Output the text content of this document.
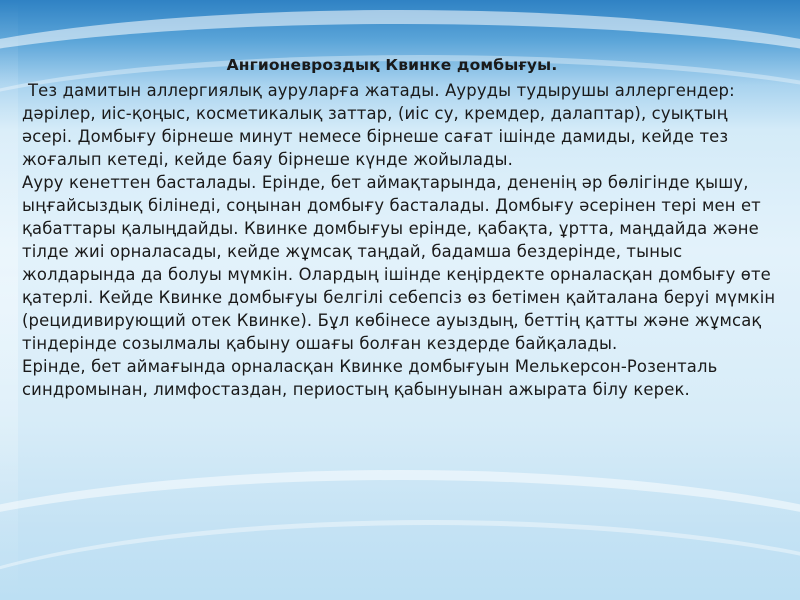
Ангионевроздық Квинке домбығуы.

Тез дамитын аллергиялық ауруларға жатады. Ауруды тудырушы аллергендер: дәрілер, иіс-қоңыс, косметикалық заттар, (иіс су, кремдер, далаптар), суықтың әсері. Домбығу бірнеше минут немесе бірнеше сағат ішінде дамиды, кейде тез жоғалып кетеді, кейде баяу бірнеше күнде жойылады.

Ауру кенеттен басталады. Ерінде, бет аймақтарында, дененің әр бөлігінде қышу, ыңғайсыздық білінеді, соңынан домбығу басталады. Домбығу әсерінен тері мен ет қабаттары қалыңдайды. Квинке домбығуы ерінде, қабақта, ұртта, маңдайда және тілде жиі орналасады, кейде жұмсақ таңдай, бадамша бездерінде, тыныс жолдарында да болуы мүмкін. Олардың ішінде кеңірдекте орналасқан домбығу өте қатерлі. Кейде Квинке домбығуы белгілі себепсіз өз бетімен қайталана беруі мүмкін (рецидивирующий отек Квинке). Бұл көбінесе ауыздың, беттің қатты және жұмсақ тіндерінде созылмалы қабыну ошағы болған кездерде байқалады.

Ерінде, бет аймағында орналасқан Квинке домбығуын Мелькерсон-Розенталь синдромынан, лимфостаздан, периостың қабынуынан ажырата білу керек.
